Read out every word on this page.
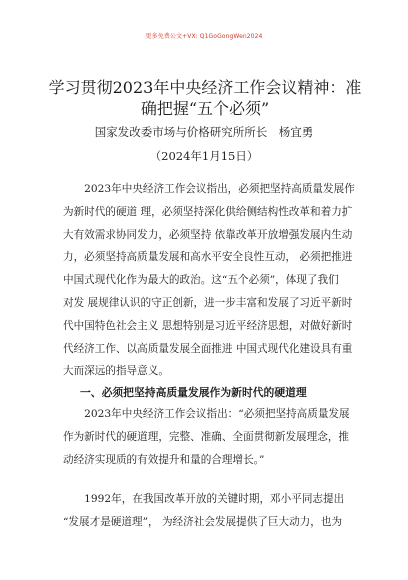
更多免费公文+VX: Q1GoGongWen2024
学习贯彻2023年中央经济工作会议精神：准
确把握“五个必须”
国家发改委市场与价格研究所所长　杨宜勇
（2024年1月15日）
　　2023年中央经济工作会议指出，必须把坚持高质量发展作
为新时代的硬道 理，必须坚持深化供给侧结构性改革和着力扩
大有效需求协同发力，必须坚持 依靠改革开放增强发展内生动
力，必须坚持高质量发展和高水平安全良性互动， 必须把推进
中国式现代化作为最大的政治。这“五个必须”，体现了我们
对发 展规律认识的守正创新，进一步丰富和发展了习近平新时
代中国特色社会主义 思想特别是习近平经济思想，对做好新时
代经济工作、以高质量发展全面推进 中国式现代化建设具有重
大而深远的指导意义。
一、必须把坚持高质量发展作为新时代的硬道理
　　2023年中央经济工作会议指出：“必须把坚持高质量发展
作为新时代的硬道理，完整、准确、全面贯彻新发展理念，推
动经济实现质的有效提升和量的合理增长。”
　　1992年，在我国改革开放的关键时期，邓小平同志提出
“发展才是硬道理”， 为经济社会发展提供了巨大动力，也为
